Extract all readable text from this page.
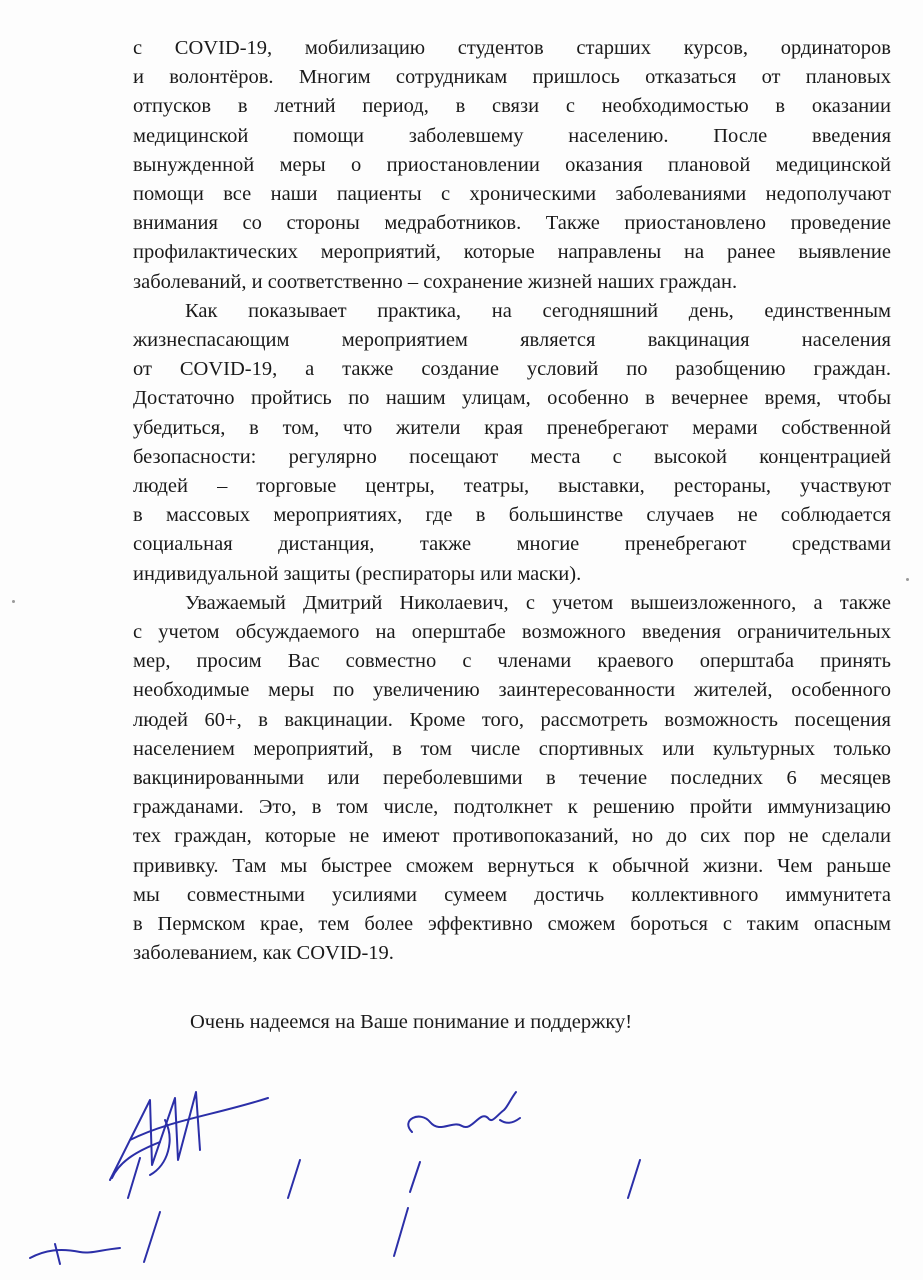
с COVID-19, мобилизацию студентов старших курсов, ординаторов

и волонтёров. Многим сотрудникам пришлось отказаться от плановых

отпусков в летний период, в связи с необходимостью в оказании

медицинской помощи заболевшему населению. После введения

вынужденной меры о приостановлении оказания плановой медицинской

помощи все наши пациенты с хроническими заболеваниями недополучают

внимания со стороны медработников. Также приостановлено проведение

профилактических мероприятий, которые направлены на ранее выявление

заболеваний, и соответственно – сохранение жизней наших граждан.

Как показывает практика, на сегодняшний день, единственным

жизнеспасающим мероприятием является вакцинация населения

от COVID-19, а также создание условий по разобщению граждан.

Достаточно пройтись по нашим улицам, особенно в вечернее время, чтобы

убедиться, в том, что жители края пренебрегают мерами собственной

безопасности: регулярно посещают места с высокой концентрацией

людей – торговые центры, театры, выставки, рестораны, участвуют

в массовых мероприятиях, где в большинстве случаев не соблюдается

социальная дистанция, также многие пренебрегают средствами

индивидуальной защиты (респираторы или маски).

Уважаемый Дмитрий Николаевич, с учетом вышеизложенного, а также

с учетом обсуждаемого на оперштабе возможного введения ограничительных

мер, просим Вас совместно с членами краевого оперштаба принять

необходимые меры по увеличению заинтересованности жителей, особенного

людей 60+, в вакцинации. Кроме того, рассмотреть возможность посещения

населением мероприятий, в том числе спортивных или культурных только

вакцинированными или переболевшими в течение последних 6 месяцев

гражданами. Это, в том числе, подтолкнет к решению пройти иммунизацию

тех граждан, которые не имеют противопоказаний, но до сих пор не сделали

прививку. Там мы быстрее сможем вернуться к обычной жизни. Чем раньше

мы совместными усилиями сумеем достичь коллективного иммунитета

в Пермском крае, тем более эффективно сможем бороться с таким опасным

заболеванием, как COVID-19.

Очень надеемся на Ваше понимание и поддержку!
Косотов А.К	О.В. Антонов
Савастьянов А.Ч.
